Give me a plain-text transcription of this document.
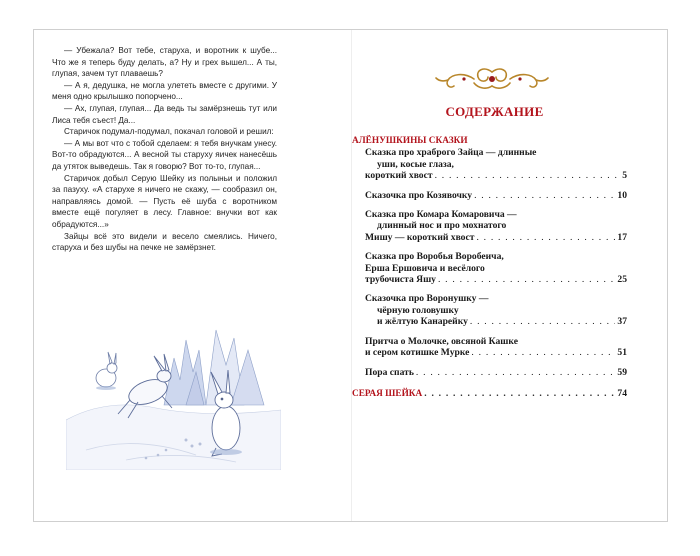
— Убежала? Вот тебе, старуха, и воротник к шубе... Что же я теперь буду делать, а? Ну и грех вышел... А ты, глупая, зачем тут плаваешь?

— А я, дедушка, не могла улететь вместе с другими. У меня одно крылышко попорчено...

— Ах, глупая, глупая... Да ведь ты замёрзнешь тут или Лиса тебя съест! Да...

Старичок подумал-подумал, покачал головой и решил:

— А мы вот что с тобой сделаем: я тебя внучкам унесу. Вот-то обрадуются... А весной ты старуху яичек нанесёшь да утяток выведешь. Так я говорю? Вот то-то, глупая...

Старичок добыл Серую Шейку из полыньи и положил за пазуху. «А старухе я ничего не скажу, — сообразил он, направляясь домой. — Пусть её шуба с воротником вместе ещё погуляет в лесу. Главное: внучки вот как обрадуются...»

Зайцы всё это видели и весело смеялись. Ничего, старуха и без шубы на печке не замёрзнет.

СОДЕРЖАНИЕ
АЛЁНУШКИНЫ СКАЗКИ
Сказка про храброго Зайца — длинные
уши, косые глаза,
короткий хвост . . .	5
Сказочка про Козявочку . . .	10
Сказка про Комара Комаровича —
длинный нос и про мохнатого
Мишу — короткий хвост . . .	17
Сказка про Воробья Воробеича,
Ерша Ершовича и весёлого
трубочиста Яшу . . .	25
Сказочка про Воронушку —
чёрную головушку
и жёлтую Канарейку . . .	37
Притча о Молочке, овсяной Кашке
и сером котишке Мурке . . .	51
Пора спать . . .	59
СЕРАЯ ШЕЙКА . . .	74
